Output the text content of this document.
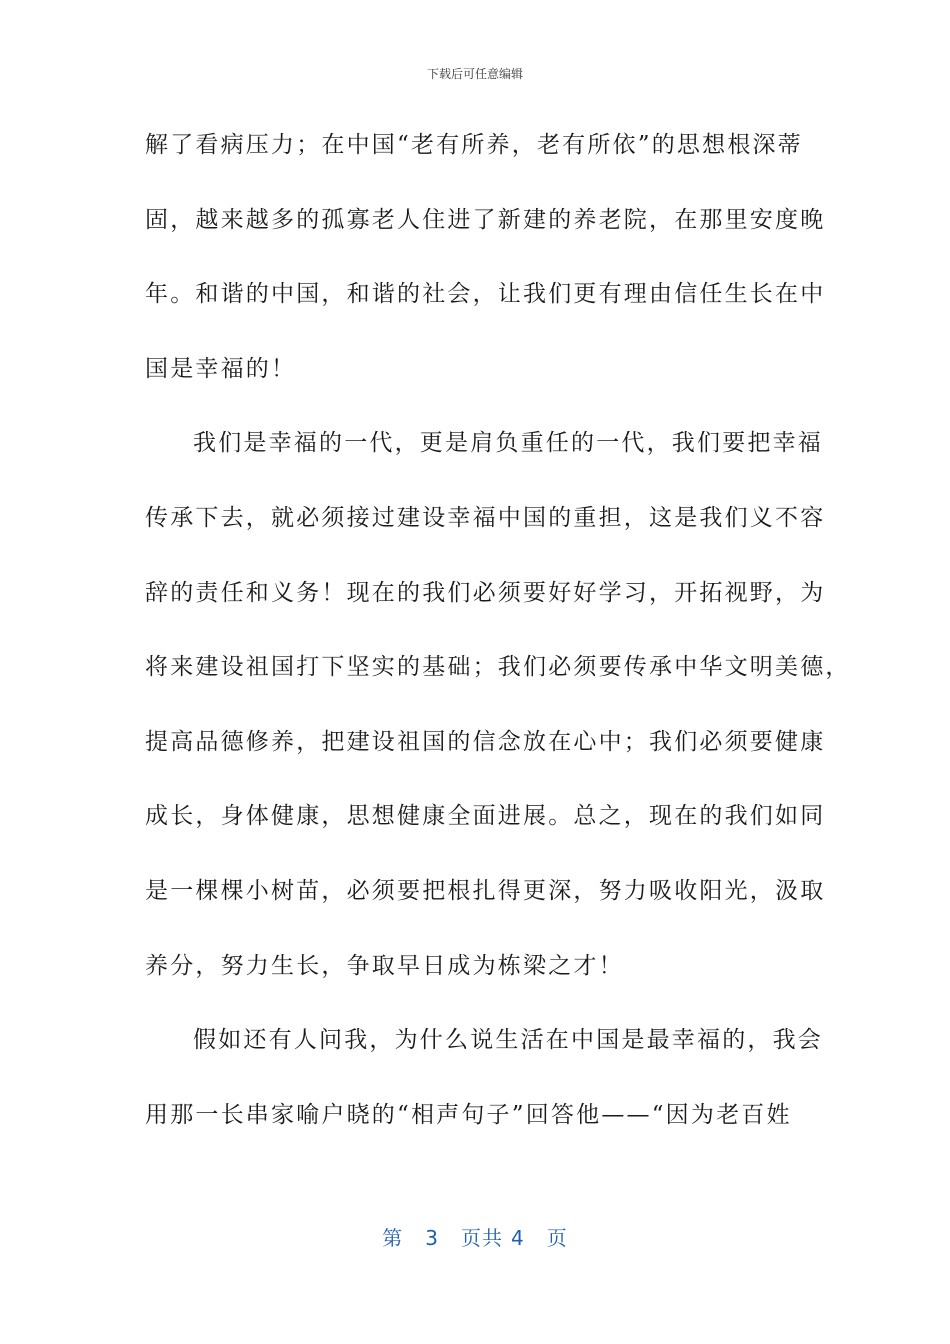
下载后可任意编辑
解了看病压力；在中国“老有所养，老有所依”的思想根深蒂
固，越来越多的孤寡老人住进了新建的养老院，在那里安度晚
年。和谐的中国，和谐的社会，让我们更有理由信任生长在中
国是幸福的！
我们是幸福的一代，更是肩负重任的一代，我们要把幸福
传承下去，就必须接过建设幸福中国的重担，这是我们义不容
辞的责任和义务！现在的我们必须要好好学习，开拓视野，为
将来建设祖国打下坚实的基础；我们必须要传承中华文明美德，
提高品德修养，把建设祖国的信念放在心中；我们必须要健康
成长，身体健康，思想健康全面进展。总之，现在的我们如同
是一棵棵小树苗，必须要把根扎得更深，努力吸收阳光，汲取
养分，努力生长，争取早日成为栋梁之才！
假如还有人问我，为什么说生活在中国是最幸福的，我会
用那一长串家喻户晓的“相声句子”回答他——“因为老百姓
第 3 页共 4 页
